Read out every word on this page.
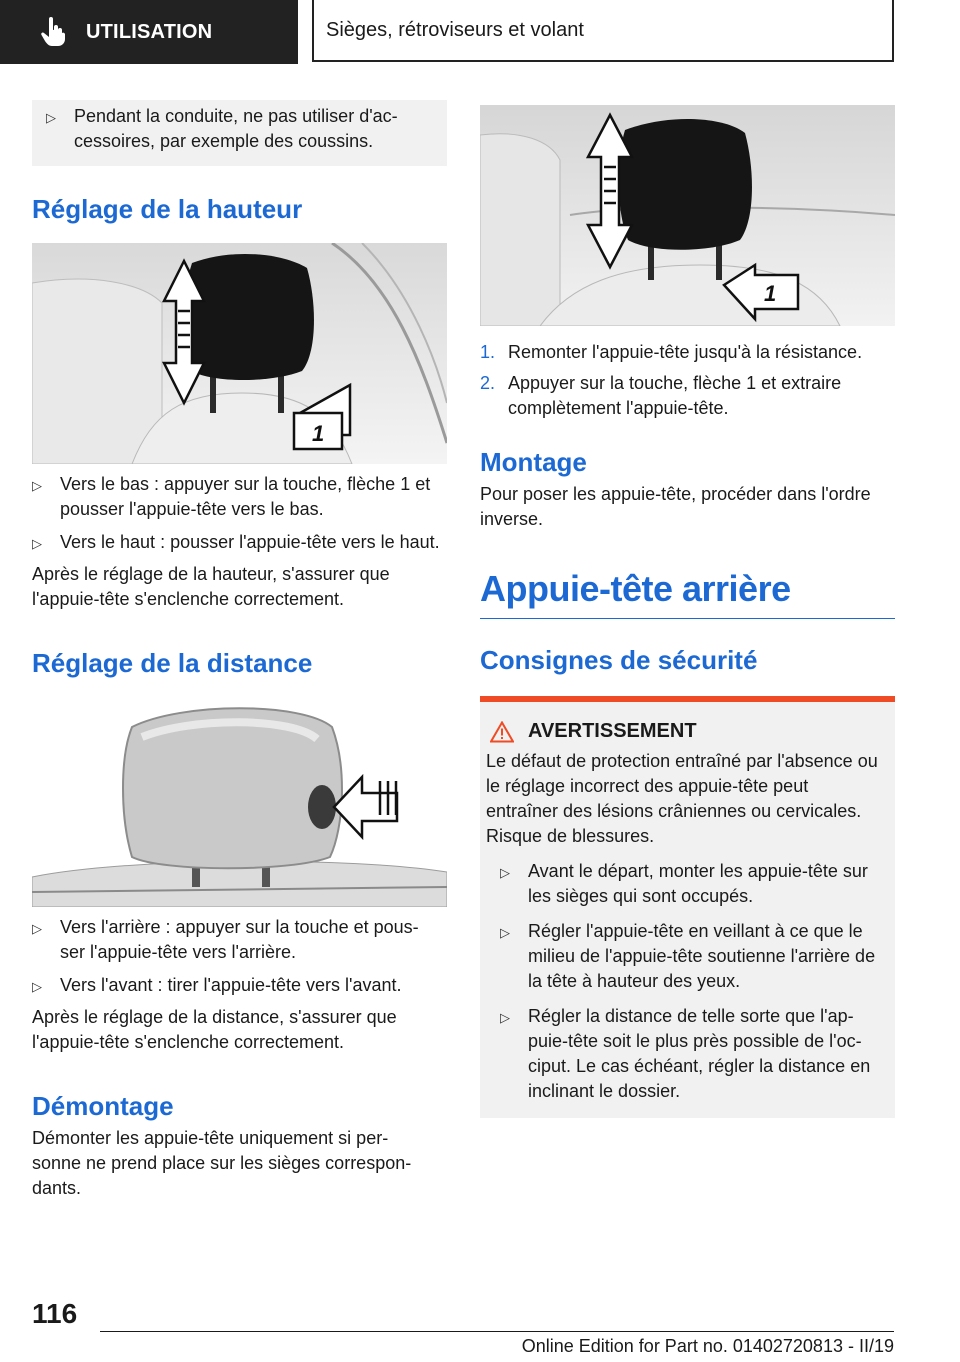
UTILISATION	Sièges, rétroviseurs et volant
▷	Pendant la conduite, ne pas utiliser d'ac-
cessoires, par exemple des coussins.
Réglage de la hauteur
1
▷	Vers le bas : appuyer sur la touche, flèche 1 et pousser l'appuie-tête vers le bas.
▷	Vers le haut : pousser l'appuie-tête vers le haut.

Après le réglage de la hauteur, s'assurer que l'appuie-tête s'enclenche correctement.

Réglage de la distance
▷	Vers l'arrière : appuyer sur la touche et pous-
ser l'appuie-tête vers l'arrière.
▷	Vers l'avant : tirer l'appuie-tête vers l'avant.

Après le réglage de la distance, s'assurer que l'appuie-tête s'enclenche correctement.

Démontage

Démonter les appuie-tête uniquement si per-
sonne ne prend place sur les sièges correspon-
dants.

1
1. Remonter l'appuie-tête jusqu'à la résistance.
2. Appuyer sur la touche, flèche 1 et extraire complètement l'appuie-tête.
Montage

Pour poser les appuie-tête, procéder dans l'ordre inverse.

Appuie-tête arrière
Consignes de sécurité
AVERTISSEMENT

Le défaut de protection entraîné par l'absence ou le réglage incorrect des appuie-tête peut entraîner des lésions crâniennes ou cervicales. Risque de blessures.

▷	Avant le départ, monter les appuie-tête sur les sièges qui sont occupés.
▷	Régler l'appuie-tête en veillant à ce que le milieu de l'appuie-tête soutienne l'arrière de la tête à hauteur des yeux.
▷	Régler la distance de telle sorte que l'ap-
puie-tête soit le plus près possible de l'oc-
ciput. Le cas échéant, régler la distance en inclinant le dossier.
116
Online Edition for Part no. 01402720813 - II/19
